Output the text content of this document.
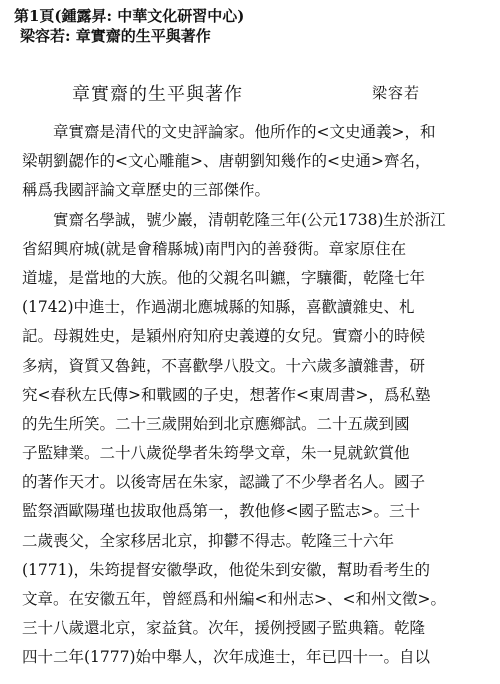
第1頁(鍾露昇: 中華文化研習中心)
梁容若: 章實齋的生平與著作
章實齋的生平與著作	梁容若
章實齋是清代的文史評論家。他所作的<文史通義>，和
梁朝劉勰作的<文心雕龍>、唐朝劉知幾作的<史通>齊名，
稱爲我國評論文章歷史的三部傑作。
實齋名學誠，號少巖，清朝乾隆三年(公元1738)生於浙江
省紹興府城(就是會稽縣城)南門內的善發衖。章家原住在
道墟，是當地的大族。他的父親名叫鑣，字驤衢，乾隆七年
(1742)中進士，作過湖北應城縣的知縣，喜歡讀雜史、札
記。母親姓史，是穎州府知府史義遵的女兒。實齋小的時候
多病，資質又魯鈍，不喜歡學八股文。十六歲多讀雜書，研
究<春秋左氏傳>和戰國的子史，想著作<東周書>，爲私塾
的先生所笑。二十三歲開始到北京應鄉試。二十五歲到國
子監肄業。二十八歲從學者朱筠學文章，朱一見就欽賞他
的著作天才。以後寄居在朱家，認識了不少學者名人。國子
監祭酒歐陽瑾也拔取他爲第一，教他修<國子監志>。三十
二歲喪父，全家移居北京，抑鬱不得志。乾隆三十六年
(1771)，朱筠提督安徽學政，他從朱到安徽，幫助看考生的
文章。在安徽五年，曾經爲和州編<和州志>、<和州文徵>。
三十八歲還北京，家益貧。次年，援例授國子監典籍。乾隆
四十二年(1777)始中舉人，次年成進士，年已四十一。自以
